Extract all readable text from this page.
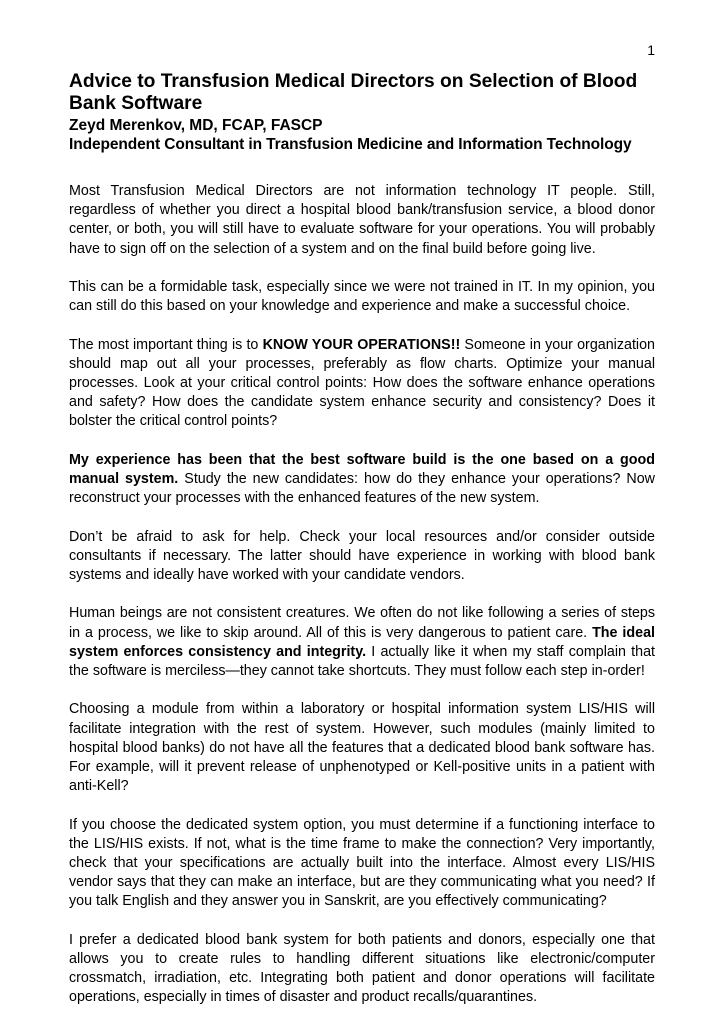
1
Advice to Transfusion Medical Directors on Selection of Blood Bank Software

Zeyd Merenkov, MD, FCAP, FASCP

Independent Consultant in Transfusion Medicine and Information Technology

Most Transfusion Medical Directors are not information technology IT people. Still, regardless of whether you direct a hospital blood bank/transfusion service, a blood donor center, or both, you will still have to evaluate software for your operations. You will probably have to sign off on the selection of a system and on the final build before going live.

This can be a formidable task, especially since we were not trained in IT. In my opinion, you can still do this based on your knowledge and experience and make a successful choice.

The most important thing is to KNOW YOUR OPERATIONS!! Someone in your organization should map out all your processes, preferably as flow charts. Optimize your manual processes. Look at your critical control points: How does the software enhance operations and safety? How does the candidate system enhance security and consistency? Does it bolster the critical control points?

My experience has been that the best software build is the one based on a good manual system. Study the new candidates: how do they enhance your operations? Now reconstruct your processes with the enhanced features of the new system.

Don’t be afraid to ask for help. Check your local resources and/or consider outside consultants if necessary. The latter should have experience in working with blood bank systems and ideally have worked with your candidate vendors.

Human beings are not consistent creatures. We often do not like following a series of steps in a process, we like to skip around. All of this is very dangerous to patient care. The ideal system enforces consistency and integrity. I actually like it when my staff complain that the software is merciless—they cannot take shortcuts. They must follow each step in-order!

Choosing a module from within a laboratory or hospital information system LIS/HIS will facilitate integration with the rest of system. However, such modules (mainly limited to hospital blood banks) do not have all the features that a dedicated blood bank software has. For example, will it prevent release of unphenotyped or Kell-positive units in a patient with anti-Kell?

If you choose the dedicated system option, you must determine if a functioning interface to the LIS/HIS exists. If not, what is the time frame to make the connection? Very importantly, check that your specifications are actually built into the interface. Almost every LIS/HIS vendor says that they can make an interface, but are they communicating what you need? If you talk English and they answer you in Sanskrit, are you effectively communicating?

I prefer a dedicated blood bank system for both patients and donors, especially one that allows you to create rules to handling different situations like electronic/computer crossmatch, irradiation, etc. Integrating both patient and donor operations will facilitate operations, especially in times of disaster and product recalls/quarantines.
